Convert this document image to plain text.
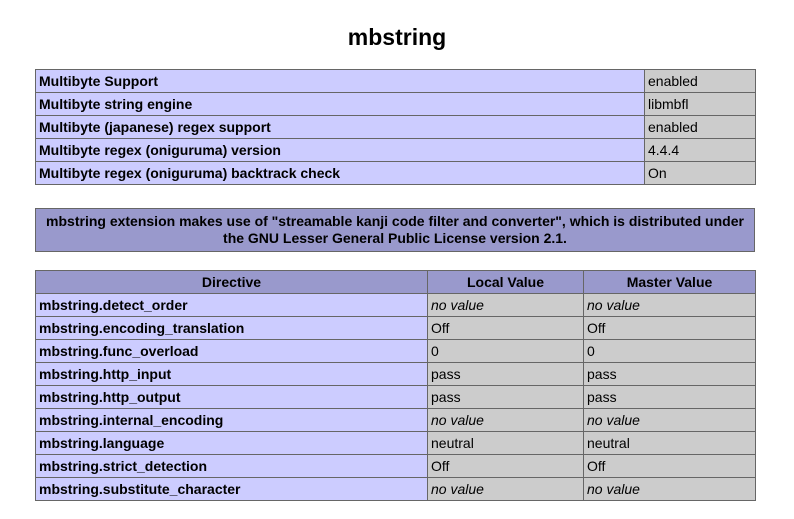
mbstring
Multibyte Support	enabled
Multibyte string engine	libmbfl
Multibyte (japanese) regex support	enabled
Multibyte regex (oniguruma) version	4.4.4
Multibyte regex (oniguruma) backtrack check	On
mbstring extension makes use of "streamable kanji code filter and converter", which is distributed under the GNU Lesser General Public License version 2.1.
Directive	Local Value	Master Value
mbstring.detect_order	no value	no value
mbstring.encoding_translation	Off	Off
mbstring.func_overload	0	0
mbstring.http_input	pass	pass
mbstring.http_output	pass	pass
mbstring.internal_encoding	no value	no value
mbstring.language	neutral	neutral
mbstring.strict_detection	Off	Off
mbstring.substitute_character	no value	no value
